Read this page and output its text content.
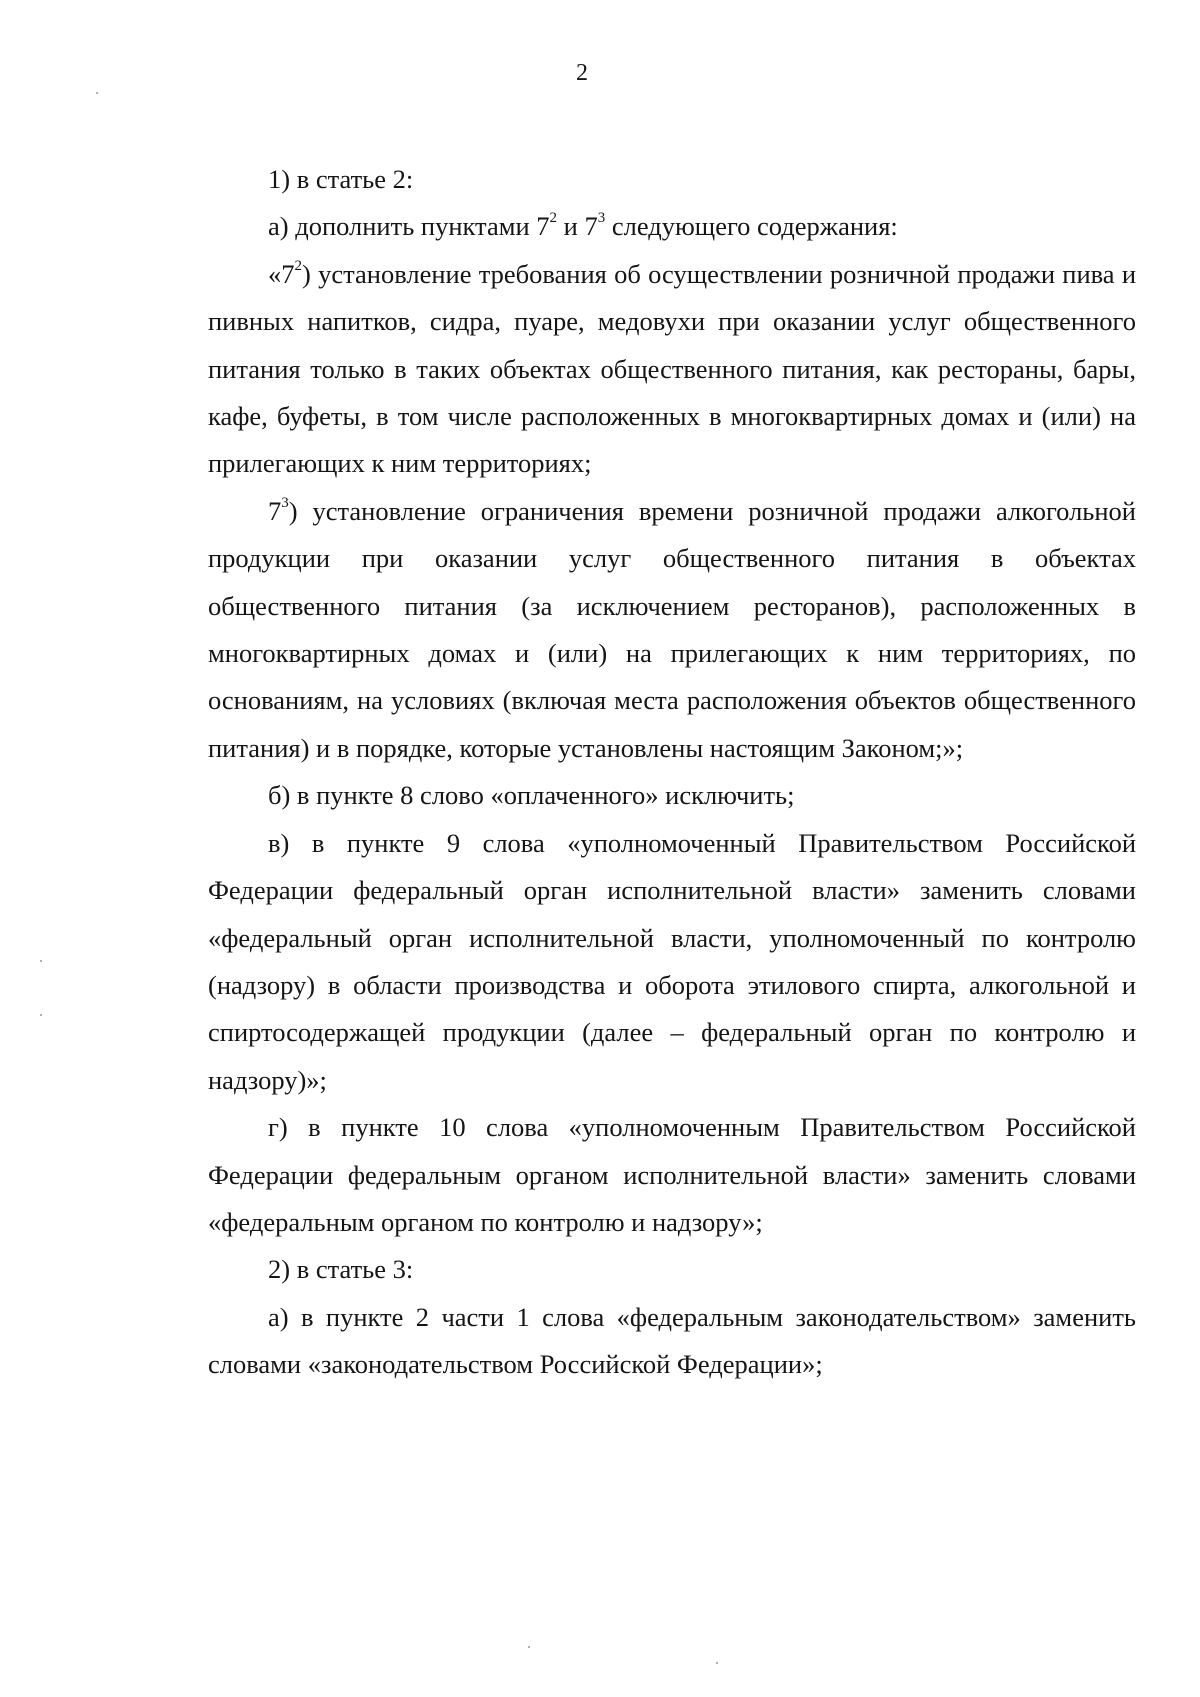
2

1) в статье 2:

а) дополнить пунктами $7^2$ и $7^3$ следующего содержания:

«$7^2$) установление требования об осуществлении розничной продажи пива и пивных напитков, сидра, пуаре, медовухи при оказании услуг общественного питания только в таких объектах общественного питания, как рестораны, бары, кафе, буфеты, в том числе расположенных в многоквартирных домах и (или) на прилегающих к ним территориях;

$7^3$) установление ограничения времени розничной продажи алкогольной продукции при оказании услуг общественного питания в объектах общественного питания (за исключением ресторанов), расположенных в многоквартирных домах и (или) на прилегающих к ним территориях, по основаниям, на условиях (включая места расположения объектов общественного питания) и в порядке, которые установлены настоящим Законом;»;

б) в пункте 8 слово «оплаченного» исключить;

в) в пункте 9 слова «уполномоченный Правительством Российской Федерации федеральный орган исполнительной власти» заменить словами «федеральный орган исполнительной власти, уполномоченный по контролю (надзору) в области производства и оборота этилового спирта, алкогольной и спиртосодержащей продукции (далее – федеральный орган по контролю и надзору)»;

г) в пункте 10 слова «уполномоченным Правительством Российской Федерации федеральным органом исполнительной власти» заменить словами «федеральным органом по контролю и надзору»;

2) в статье 3:

а) в пункте 2 части 1 слова «федеральным законодательством» заменить словами «законодательством Российской Федерации»;
